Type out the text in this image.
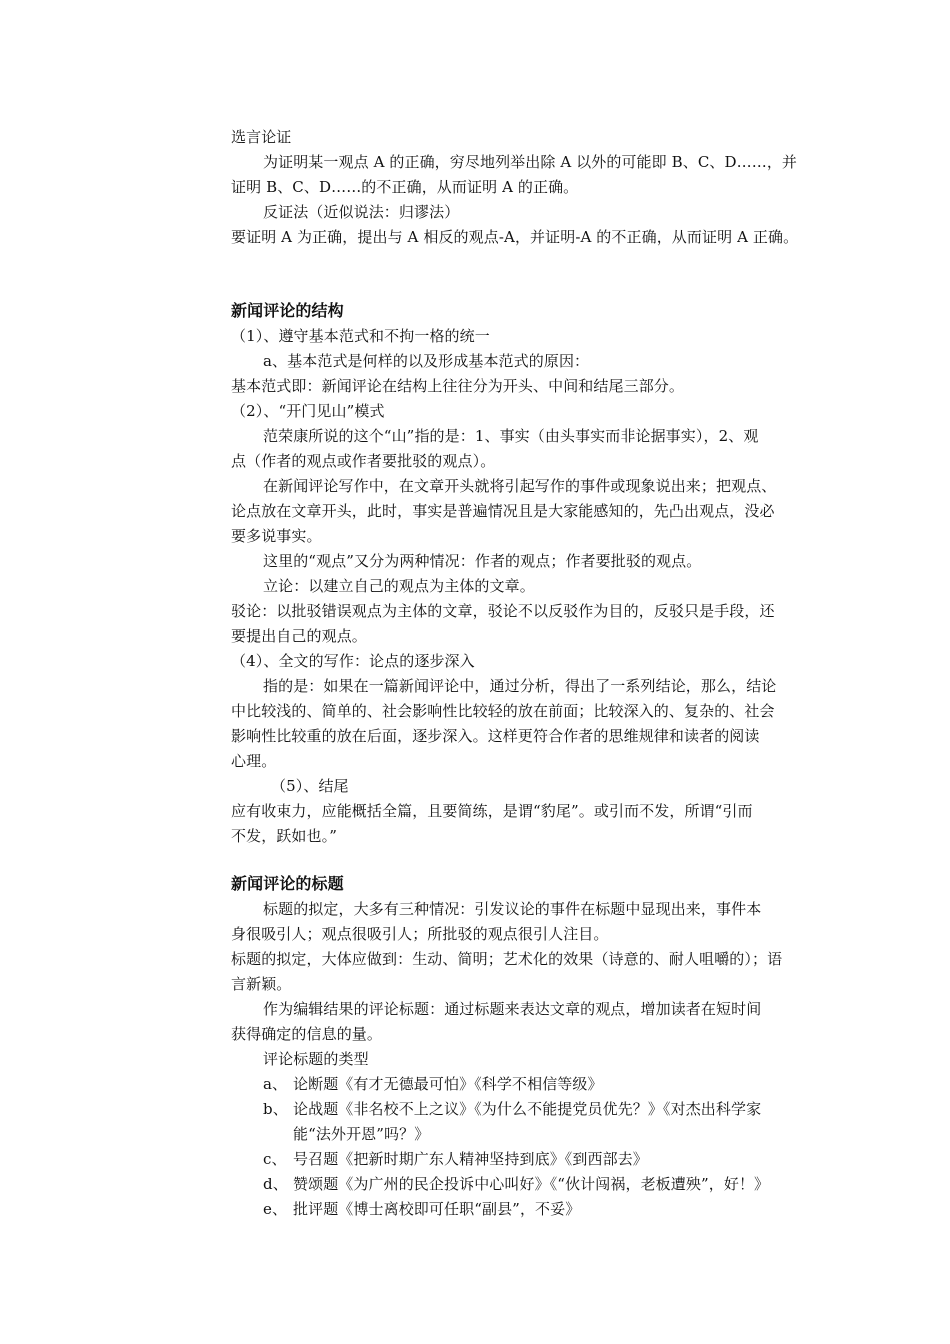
选言论证
为证明某一观点 A 的正确，穷尽地列举出除 A 以外的可能即 B、C、D……，并
证明 B、C、D……的不正确，从而证明 A 的正确。
反证法（近似说法：归谬法）
要证明 A 为正确，提出与 A 相反的观点-A，并证明-A 的不正确，从而证明 A 正确。
新闻评论的结构
（1）、遵守基本范式和不拘一格的统一
a、基本范式是何样的以及形成基本范式的原因：
基本范式即：新闻评论在结构上往往分为开头、中间和结尾三部分。
（2）、“开门见山”模式
范荣康所说的这个“山”指的是：1、事实（由头事实而非论据事实），2、观
点（作者的观点或作者要批驳的观点）。
在新闻评论写作中，在文章开头就将引起写作的事件或现象说出来；把观点、
论点放在文章开头，此时，事实是普遍情况且是大家能感知的，先凸出观点，没必
要多说事实。
这里的“观点”又分为两种情况：作者的观点；作者要批驳的观点。
立论：以建立自己的观点为主体的文章。
驳论：以批驳错误观点为主体的文章，驳论不以反驳作为目的，反驳只是手段，还
要提出自己的观点。
（4）、全文的写作：论点的逐步深入
指的是：如果在一篇新闻评论中，通过分析，得出了一系列结论，那么，结论
中比较浅的、简单的、社会影响性比较轻的放在前面；比较深入的、复杂的、社会
影响性比较重的放在后面，逐步深入。这样更符合作者的思维规律和读者的阅读
心理。
（5）、结尾
应有收束力，应能概括全篇，且要简练，是谓“豹尾”。或引而不发，所谓“引而
不发，跃如也。”
新闻评论的标题
标题的拟定，大多有三种情况：引发议论的事件在标题中显现出来，事件本
身很吸引人；观点很吸引人；所批驳的观点很引人注目。
标题的拟定，大体应做到：生动、简明；艺术化的效果（诗意的、耐人咀嚼的）；语
言新颖。
作为编辑结果的评论标题：通过标题来表达文章的观点，增加读者在短时间
获得确定的信息的量。
评论标题的类型
a、 论断题《有才无德最可怕》《科学不相信等级》
b、 论战题《非名校不上之议》《为什么不能提党员优先？》《对杰出科学家
能“法外开恩”吗？》
c、 号召题《把新时期广东人精神坚持到底》《到西部去》
d、 赞颂题《为广州的民企投诉中心叫好》《“伙计闯祸，老板遭殃”，好！》
e、 批评题《博士离校即可任职“副县”，不妥》
